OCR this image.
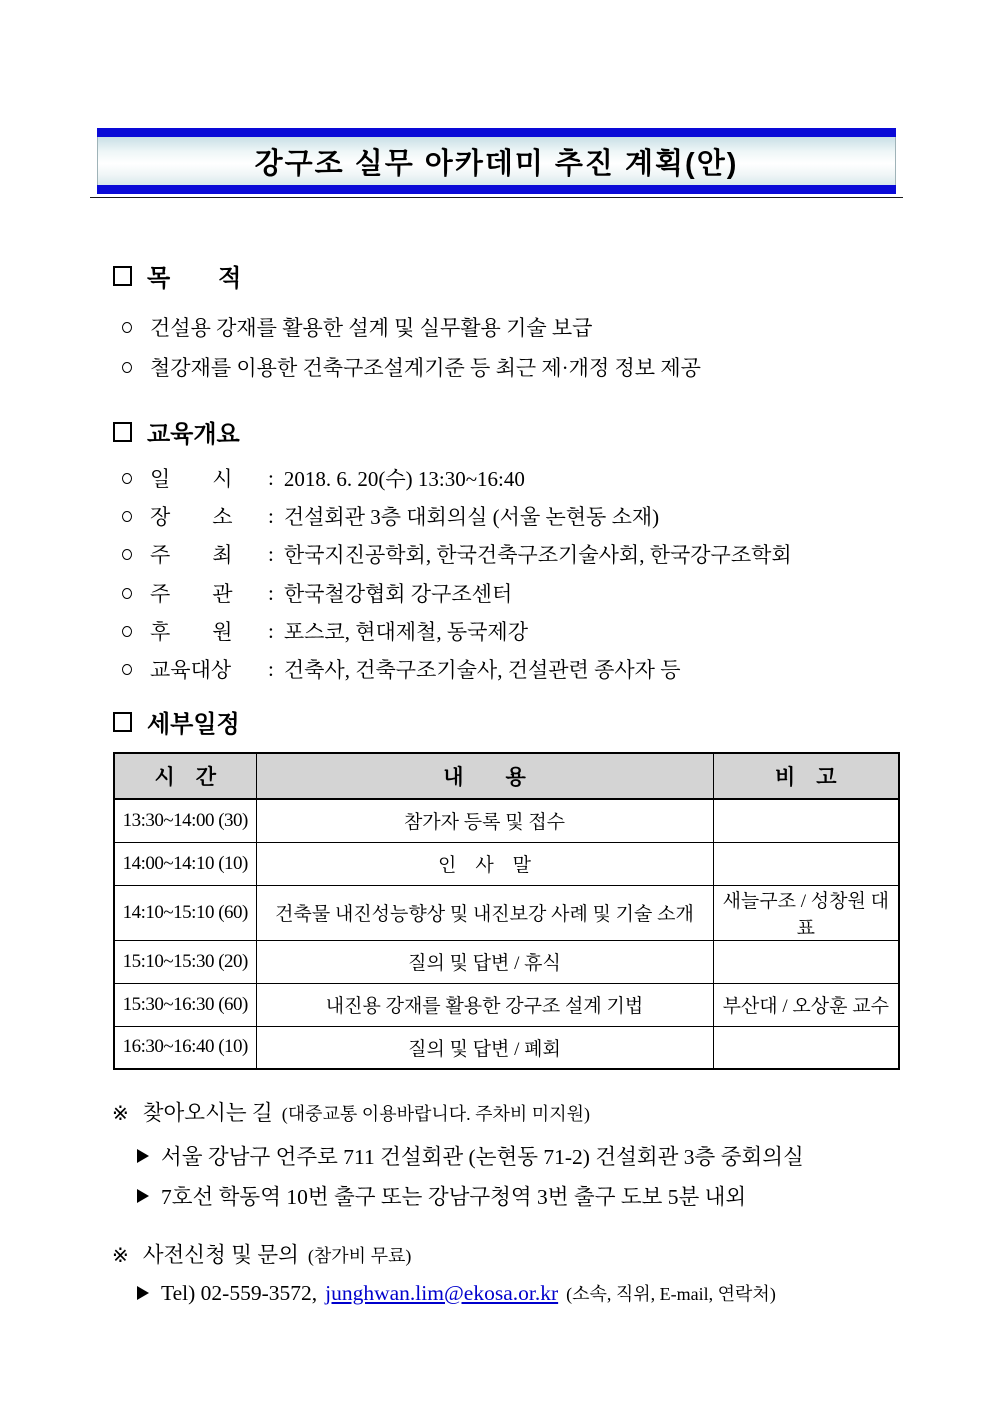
강구조 실무 아카데미 추진 계획(안)
목　　적
건설용 강재를 활용한 설계 및 실무활용 기술 보급
철강재를 이용한 건축구조설계기준 등 최근 제·개정 정보 제공
교육개요
일　　시	: 2018. 6. 20(수) 13:30~16:40
장　　소	: 건설회관 3층 대회의실 (서울 논현동 소재)
주　　최	: 한국지진공학회, 한국건축구조기술사회, 한국강구조학회
주　　관	: 한국철강협회 강구조센터
후　　원	: 포스코, 현대제철, 동국제강
교육대상	: 건축사, 건축구조기술사, 건설관련 종사자 등
세부일정
시　간	내　　용	비　고
13:30~14:00 (30)	참가자 등록 및 접수	
14:00~14:10 (10)	인　사　말	
14:10~15:10 (60)	건축물 내진성능향상 및 내진보강 사례 및 기술 소개	새늘구조 / 성창원 대표
15:10~15:30 (20)	질의 및 답변 / 휴식	
15:30~16:30 (60)	내진용 강재를 활용한 강구조 설계 기법	부산대 / 오상훈 교수
16:30~16:40 (10)	질의 및 답변 / 폐회	
※ 찾아오시는 길 (대중교통 이용바랍니다. 주차비 미지원)
서울 강남구 언주로 711 건설회관 (논현동 71-2) 건설회관 3층 중회의실
7호선 학동역 10번 출구 또는 강남구청역 3번 출구 도보 5분 내외
※ 사전신청 및 문의 (참가비 무료)
Tel) 02-559-3572, junghwan.lim@ekosa.or.kr (소속, 직위, E-mail, 연락처)
